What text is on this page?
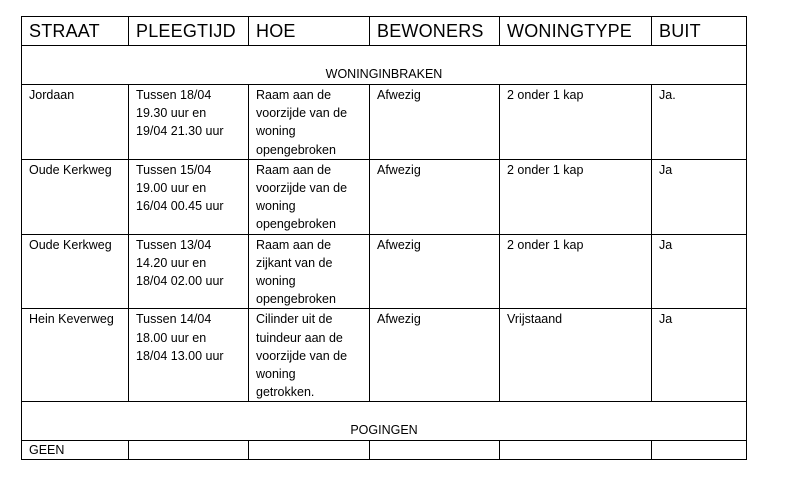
STRAAT	PLEEGTIJD	HOE	BEWONERS	WONINGTYPE	BUIT
WONINGINBRAKEN					
Jordaan	Tussen 18/04
19.30 uur en
19/04 21.30 uur	Raam aan de
voorzijde van de
woning
opengebroken	Afwezig	2 onder 1 kap	Ja.
Oude Kerkweg	Tussen 15/04
19.00 uur en
16/04 00.45 uur	Raam aan de
voorzijde van de
woning
opengebroken	Afwezig	2 onder 1 kap	Ja
Oude Kerkweg	Tussen 13/04
14.20 uur en
18/04 02.00 uur	Raam aan de
zijkant van de
woning
opengebroken	Afwezig	2 onder 1 kap	Ja
Hein Keverweg	Tussen 14/04
18.00 uur en
18/04 13.00 uur	Cilinder uit de
tuindeur aan de
voorzijde van de
woning
getrokken.	Afwezig	Vrijstaand	Ja
POGINGEN					
GEEN					
